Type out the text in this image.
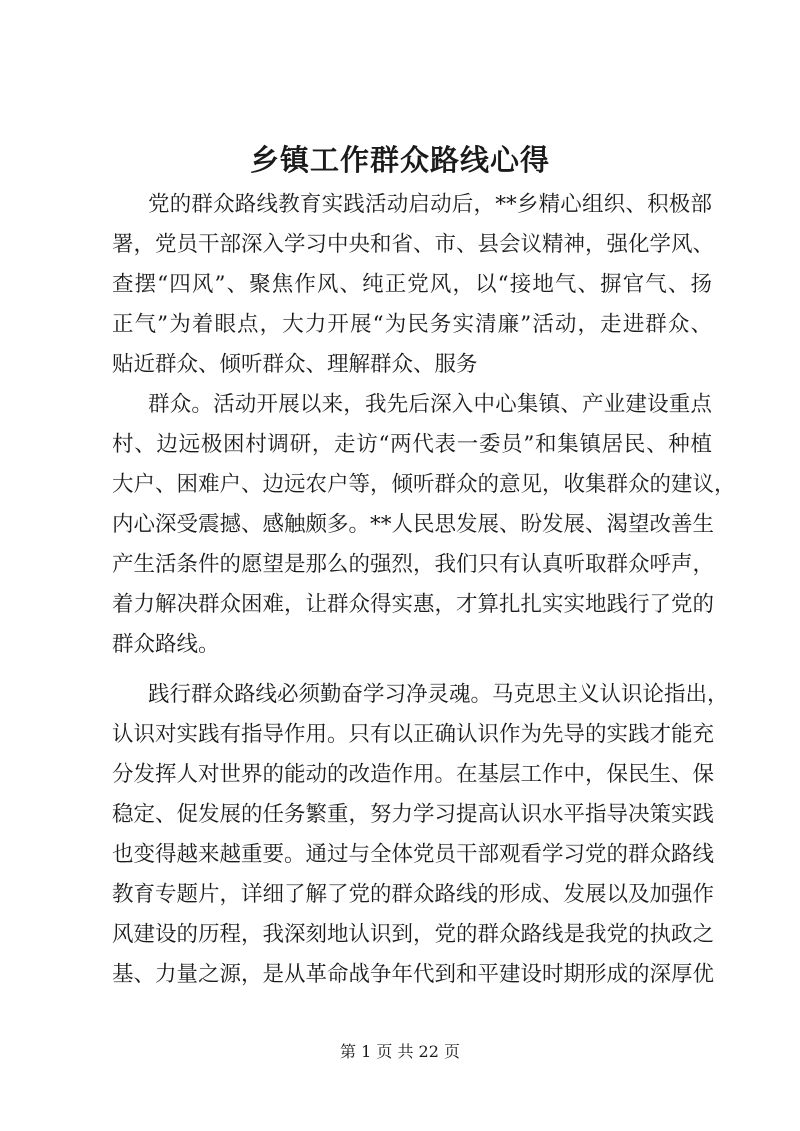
乡镇工作群众路线心得
党的群众路线教育实践活动启动后，**乡精心组织、积极部
署，党员干部深入学习中央和省、市、县会议精神，强化学风、
查摆“四风”、聚焦作风、纯正党风，以“接地气、摒官气、扬
正气”为着眼点，大力开展“为民务实清廉”活动，走进群众、
贴近群众、倾听群众、理解群众、服务
群众。活动开展以来，我先后深入中心集镇、产业建设重点
村、边远极困村调研，走访“两代表一委员”和集镇居民、种植
大户、困难户、边远农户等，倾听群众的意见，收集群众的建议，
内心深受震撼、感触颇多。**人民思发展、盼发展、渴望改善生
产生活条件的愿望是那么的强烈，我们只有认真听取群众呼声，
着力解决群众困难，让群众得实惠，才算扎扎实实地践行了党的
群众路线。
践行群众路线必须勤奋学习净灵魂。马克思主义认识论指出，
认识对实践有指导作用。只有以正确认识作为先导的实践才能充
分发挥人对世界的能动的改造作用。在基层工作中，保民生、保
稳定、促发展的任务繁重，努力学习提高认识水平指导决策实践
也变得越来越重要。通过与全体党员干部观看学习党的群众路线
教育专题片，详细了解了党的群众路线的形成、发展以及加强作
风建设的历程，我深刻地认识到，党的群众路线是我党的执政之
基、力量之源，是从革命战争年代到和平建设时期形成的深厚优
第 1 页 共 22 页
